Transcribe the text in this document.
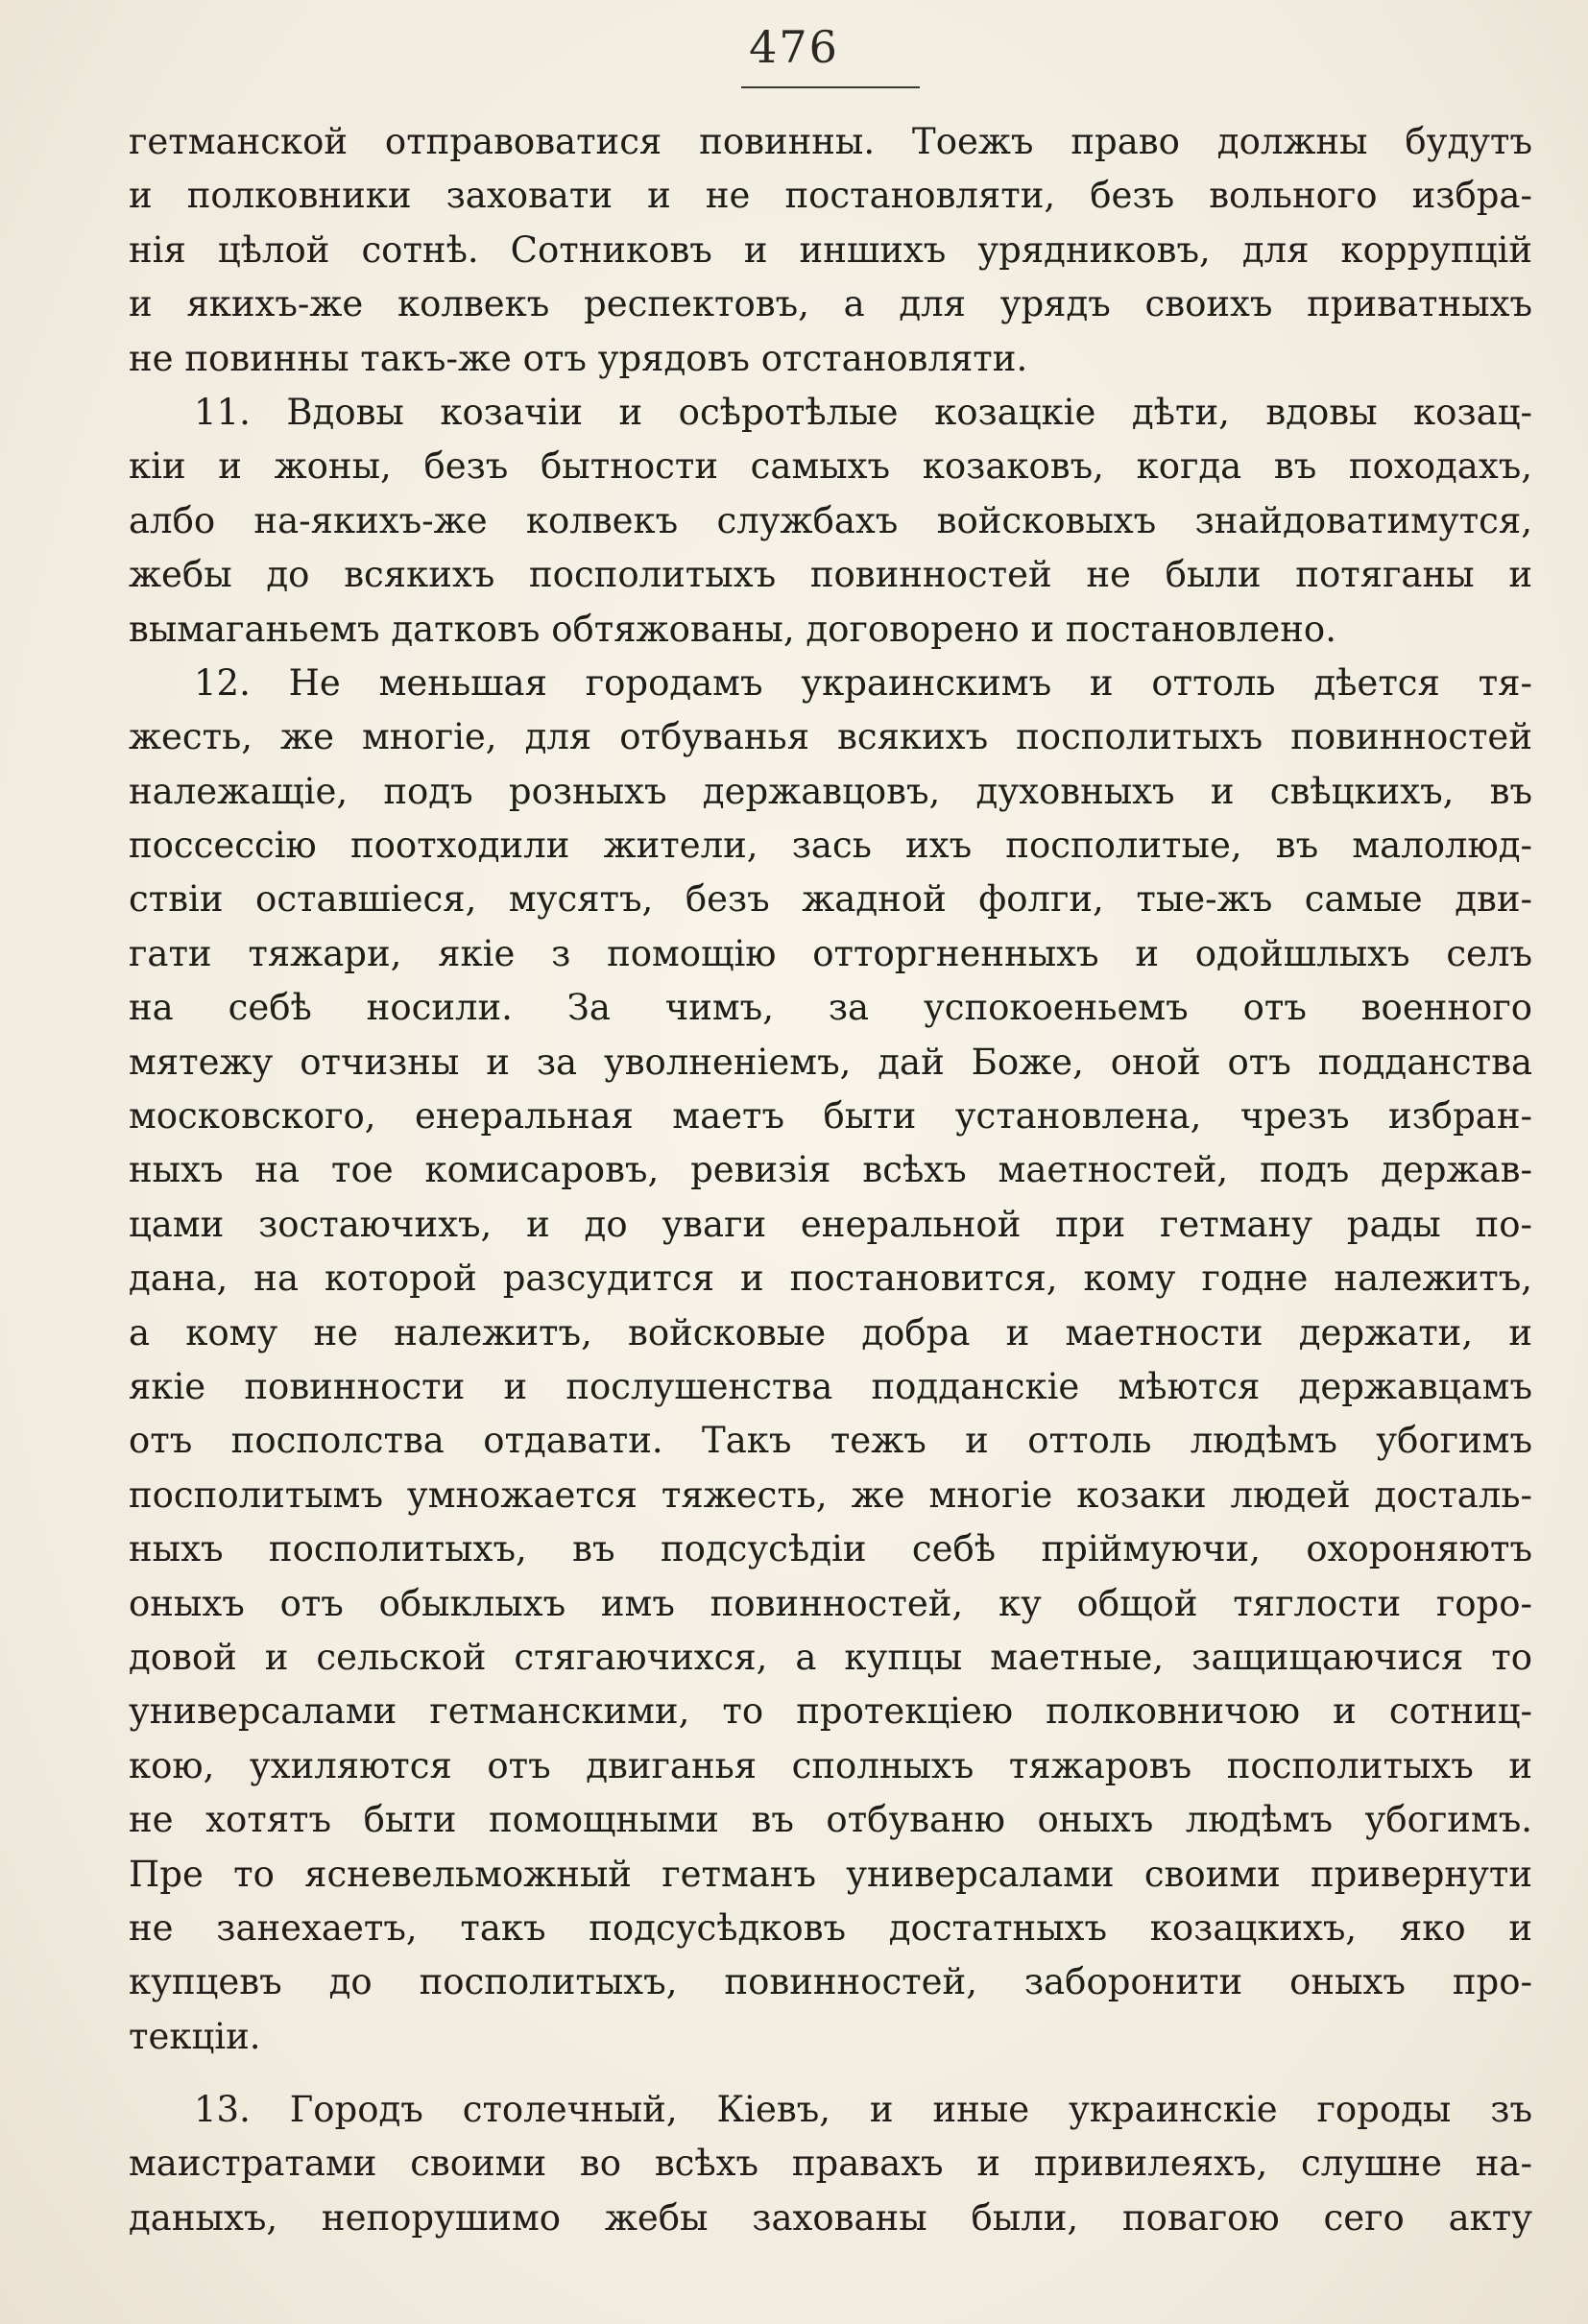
476
гетманской отправоватися повинны. Тоежъ право должны будутъ
и полковники заховати и не постановляти, безъ вольного избра-
нія цѣлой сотнѣ. Сотниковъ и иншихъ урядниковъ, для коррупцій
и якихъ-же колвекъ респектовъ, а для урядъ своихъ приватныхъ
не повинны такъ-же отъ урядовъ отстановляти.
11. Вдовы козачіи и осѣротѣлые козацкіе дѣти, вдовы козац-
кіи и жоны, безъ бытности самыхъ козаковъ, когда въ походахъ,
албо на-якихъ-же колвекъ службахъ войсковыхъ знайдоватимутся,
жебы до всякихъ посполитыхъ повинностей не были потяганы и
вымаганьемъ датковъ обтяжованы, договорено и постановлено.
12. Не меньшая городамъ украинскимъ и оттоль дѣется тя-
жесть, же многіе, для отбуванья всякихъ посполитыхъ повинностей
належащіе, подъ розныхъ державцовъ, духовныхъ и свѣцкихъ, въ
поссессію поотходили жители, зась ихъ посполитые, въ малолюд-
ствіи оставшіеся, мусятъ, безъ жадной фолги, тые-жъ самые дви-
гати тяжари, якіе з помощію отторгненныхъ и одойшлыхъ селъ
на себѣ носили. За чимъ, за успокоеньемъ отъ военного
мятежу отчизны и за уволненіемъ, дай Боже, оной отъ подданства
московского, енеральная маетъ быти установлена, чрезъ избран-
ныхъ на тое комисаровъ, ревизія всѣхъ маетностей, подъ держав-
цами зостаючихъ, и до уваги енеральной при гетману рады по-
дана, на которой разсудится и постановится, кому годне належитъ,
а кому не належитъ, войсковые добра и маетности держати, и
якіе повинности и послушенства подданскіе мѣются державцамъ
отъ посполства отдавати. Такъ тежъ и оттоль людѣмъ убогимъ
посполитымъ умножается тяжесть, же многіе козаки людей досталь-
ныхъ посполитыхъ, въ подсусѣдіи себѣ пріймуючи, охороняютъ
оныхъ отъ обыклыхъ имъ повинностей, ку общой тяглости горо-
довой и сельской стягаючихся, а купцы маетные, защищаючися то
универсалами гетманскими, то протекціею полковничою и сотниц-
кою, ухиляются отъ двиганья сполныхъ тяжаровъ посполитыхъ и
не хотятъ быти помощными въ отбуваню оныхъ людѣмъ убогимъ.
Пре то ясневельможный гетманъ универсалами своими привернути
не занехаетъ, такъ подсусѣдковъ достатныхъ козацкихъ, яко и
купцевъ до посполитыхъ, повинностей, заборонити оныхъ про-
текціи.
13. Городъ столечный, Кіевъ, и иные украинскіе городы зъ
маистратами своими во всѣхъ правахъ и привилеяхъ, слушне на-
даныхъ, непорушимо жебы захованы были, повагою сего акту
